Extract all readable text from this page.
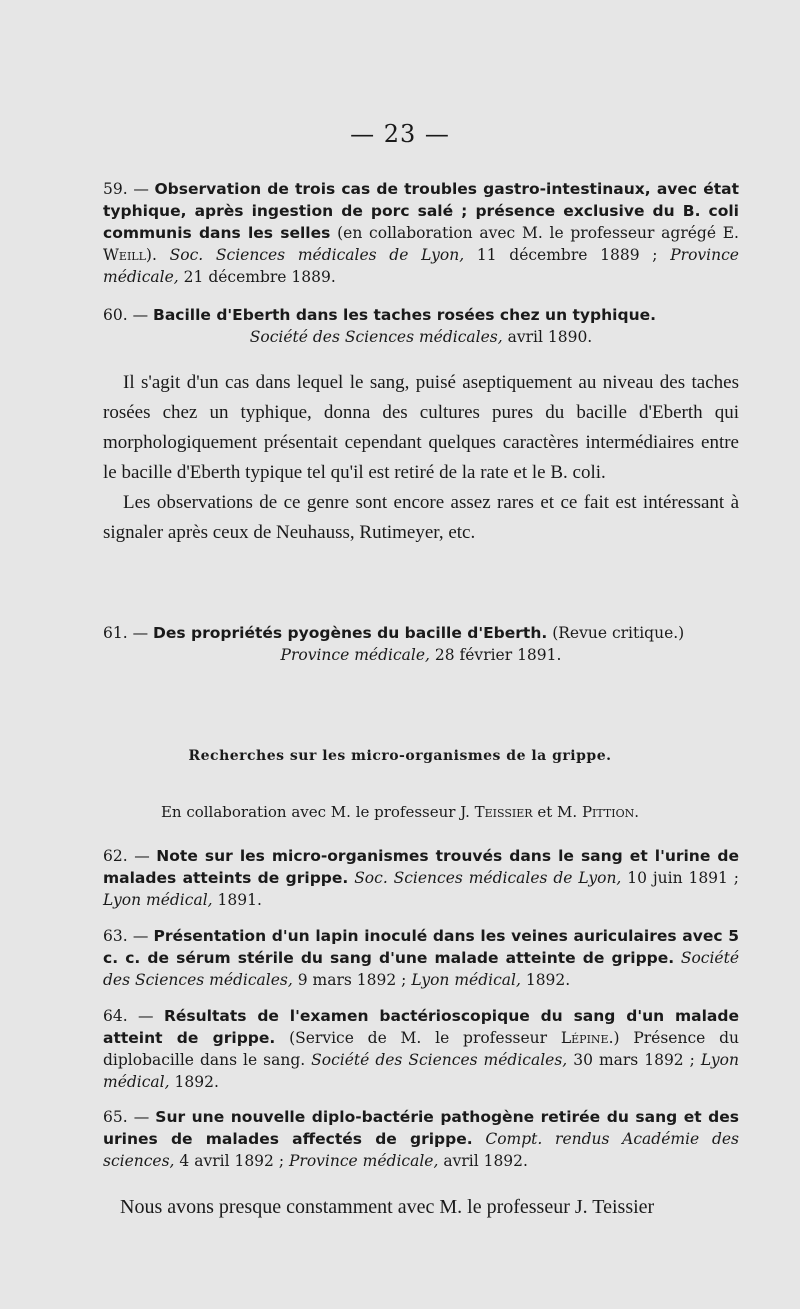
— 23 —
59. — Observation de trois cas de troubles gastro-intestinaux, avec état typhique, après ingestion de porc salé ; présence exclusive du B. coli communis dans les selles (en collaboration avec M. le professeur agrégé E. Weill). Soc. Sciences médicales de Lyon, 11 décembre 1889 ; Province médicale, 21 décembre 1889.
60. — Bacille d'Eberth dans les taches rosées chez un typhique.
Société des Sciences médicales, avril 1890.

Il s'agit d'un cas dans lequel le sang, puisé aseptiquement au niveau des taches rosées chez un typhique, donna des cultures pures du bacille d'Eberth qui morphologiquement présentait cependant quelques caractères intermédiaires entre le bacille d'Eberth typique tel qu'il est retiré de la rate et le B. coli.

Les observations de ce genre sont encore assez rares et ce fait est intéressant à signaler après ceux de Neuhauss, Rutimeyer, etc.

61. — Des propriétés pyogènes du bacille d'Eberth. (Revue critique.)
Province médicale, 28 février 1891.
Recherches sur les micro-organismes de la grippe.
En collaboration avec M. le professeur J. Teissier et M. Pittion.
62. — Note sur les micro-organismes trouvés dans le sang et l'urine de malades atteints de grippe. Soc. Sciences médicales de Lyon, 10 juin 1891 ; Lyon médical, 1891.
63. — Présentation d'un lapin inoculé dans les veines auriculaires avec 5 c. c. de sérum stérile du sang d'une malade atteinte de grippe. Société des Sciences médicales, 9 mars 1892 ; Lyon médical, 1892.
64. — Résultats de l'examen bactérioscopique du sang d'un malade atteint de grippe. (Service de M. le professeur Lépine.) Présence du diplobacille dans le sang. Société des Sciences médicales, 30 mars 1892 ; Lyon médical, 1892.
65. — Sur une nouvelle diplo-bactérie pathogène retirée du sang et des urines de malades affectés de grippe. Compt. rendus Académie des sciences, 4 avril 1892 ; Province médicale, avril 1892.
Nous avons presque constamment avec M. le professeur J. Teissier
